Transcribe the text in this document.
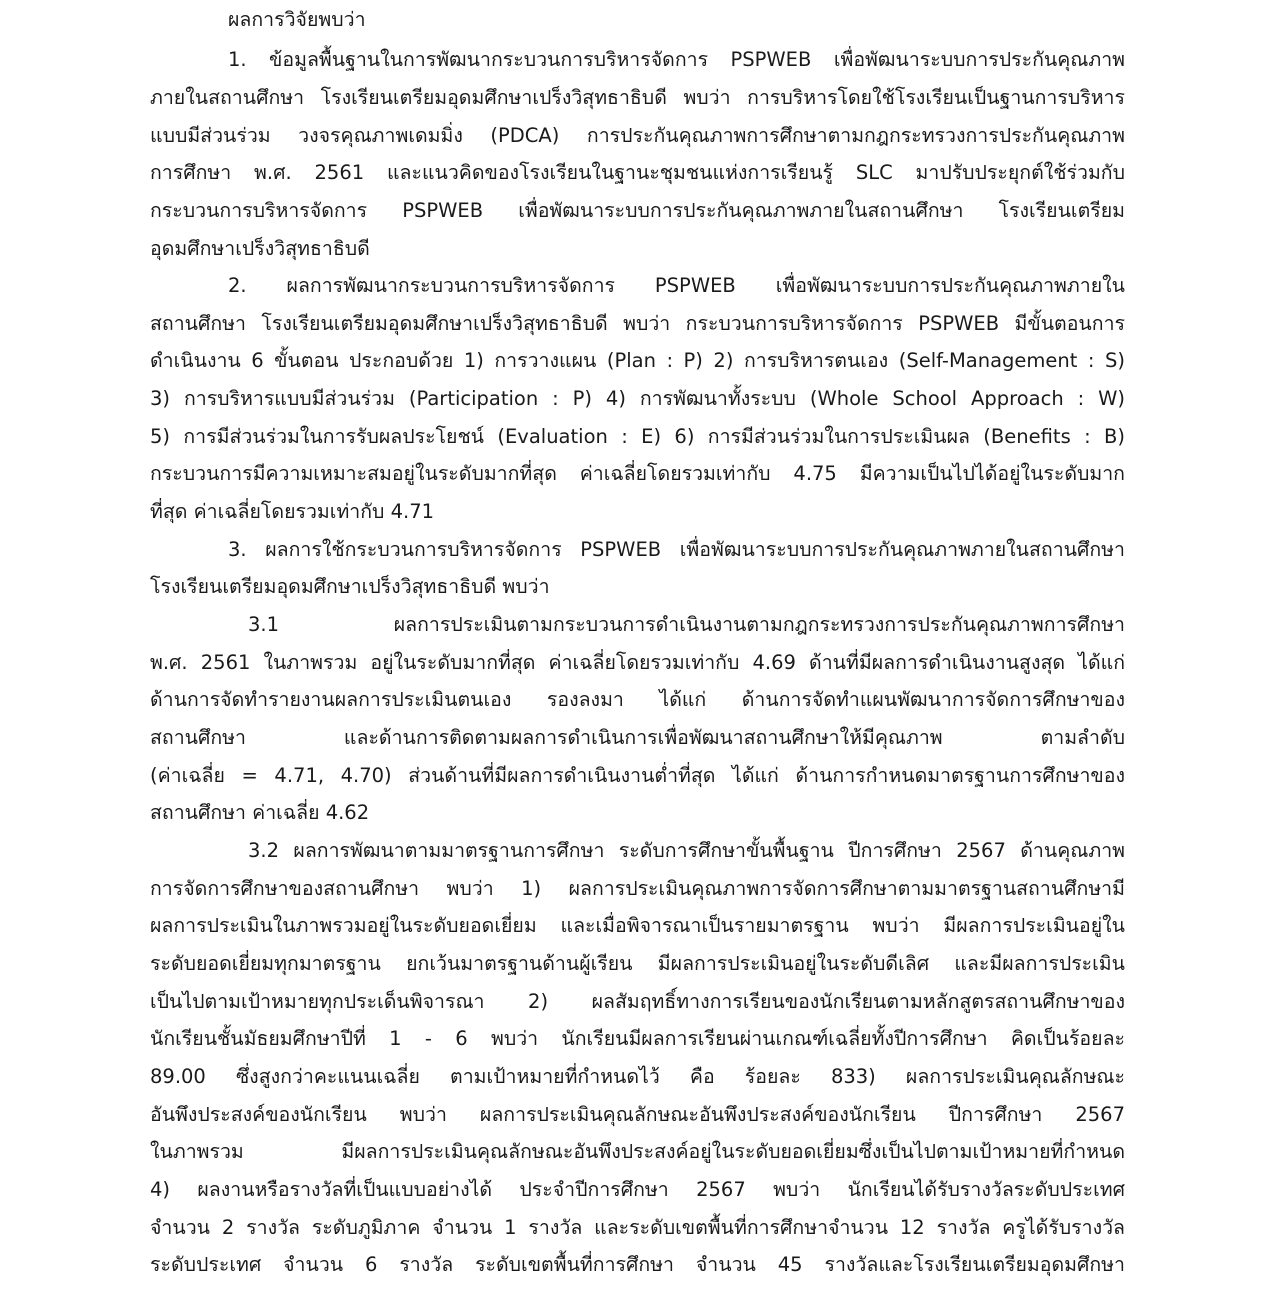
ผลการวิจัยพบว่า
1. ข้อมูลพื้นฐานในการพัฒนากระบวนการบริหารจัดการ PSPWEB เพื่อพัฒนาระบบการประกันคุณภาพ
ภายในสถานศึกษา โรงเรียนเตรียมอุดมศึกษาเปร็งวิสุทธาธิบดี พบว่า การบริหารโดยใช้โรงเรียนเป็นฐานการบริหาร
แบบมีส่วนร่วม วงจรคุณภาพเดมมิ่ง (PDCA) การประกันคุณภาพการศึกษาตามกฎกระทรวงการประกันคุณภาพ
การศึกษา พ.ศ. 2561 และแนวคิดของโรงเรียนในฐานะชุมชนแห่งการเรียนรู้ SLC มาปรับประยุกต์ใช้ร่วมกับ
กระบวนการบริหารจัดการ PSPWEB เพื่อพัฒนาระบบการประกันคุณภาพภายในสถานศึกษา โรงเรียนเตรียม
อุดมศึกษาเปร็งวิสุทธาธิบดี
2. ผลการพัฒนากระบวนการบริหารจัดการ PSPWEB เพื่อพัฒนาระบบการประกันคุณภาพภายใน
สถานศึกษา โรงเรียนเตรียมอุดมศึกษาเปร็งวิสุทธาธิบดี พบว่า กระบวนการบริหารจัดการ PSPWEB มีขั้นตอนการ
ดำเนินงาน 6 ขั้นตอน ประกอบด้วย 1) การวางแผน (Plan : P) 2) การบริหารตนเอง (Self-Management : S)
3) การบริหารแบบมีส่วนร่วม (Participation : P) 4) การพัฒนาทั้งระบบ (Whole School Approach : W)
5) การมีส่วนร่วมในการรับผลประโยชน์ (Evaluation : E) 6) การมีส่วนร่วมในการประเมินผล (Benefits : B)
กระบวนการมีความเหมาะสมอยู่ในระดับมากที่สุด ค่าเฉลี่ยโดยรวมเท่ากับ 4.75 มีความเป็นไปได้อยู่ในระดับมาก
ที่สุด ค่าเฉลี่ยโดยรวมเท่ากับ 4.71
3. ผลการใช้กระบวนการบริหารจัดการ PSPWEB เพื่อพัฒนาระบบการประกันคุณภาพภายในสถานศึกษา
โรงเรียนเตรียมอุดมศึกษาเปร็งวิสุทธาธิบดี พบว่า
3.1 ผลการประเมินตามกระบวนการดำเนินงานตามกฎกระทรวงการประกันคุณภาพการศึกษา
พ.ศ. 2561 ในภาพรวม อยู่ในระดับมากที่สุด ค่าเฉลี่ยโดยรวมเท่ากับ 4.69 ด้านที่มีผลการดำเนินงานสูงสุด ได้แก่
ด้านการจัดทำรายงานผลการประเมินตนเอง รองลงมา ได้แก่ ด้านการจัดทำแผนพัฒนาการจัดการศึกษาของ
สถานศึกษา และด้านการติดตามผลการดำเนินการเพื่อพัฒนาสถานศึกษาให้มีคุณภาพ ตามลำดับ
(ค่าเฉลี่ย = 4.71, 4.70) ส่วนด้านที่มีผลการดำเนินงานต่ำที่สุด ได้แก่ ด้านการกำหนดมาตรฐานการศึกษาของ
สถานศึกษา ค่าเฉลี่ย 4.62
3.2 ผลการพัฒนาตามมาตรฐานการศึกษา ระดับการศึกษาขั้นพื้นฐาน ปีการศึกษา 2567 ด้านคุณภาพ
การจัดการศึกษาของสถานศึกษา พบว่า 1) ผลการประเมินคุณภาพการจัดการศึกษาตามมาตรฐานสถานศึกษามี
ผลการประเมินในภาพรวมอยู่ในระดับยอดเยี่ยม และเมื่อพิจารณาเป็นรายมาตรฐาน พบว่า มีผลการประเมินอยู่ใน
ระดับยอดเยี่ยมทุกมาตรฐาน ยกเว้นมาตรฐานด้านผู้เรียน มีผลการประเมินอยู่ในระดับดีเลิศ และมีผลการประเมิน
เป็นไปตามเป้าหมายทุกประเด็นพิจารณา 2) ผลสัมฤทธิ์ทางการเรียนของนักเรียนตามหลักสูตรสถานศึกษาของ
นักเรียนชั้นมัธยมศึกษาปีที่ 1 - 6 พบว่า นักเรียนมีผลการเรียนผ่านเกณฑ์เฉลี่ยทั้งปีการศึกษา คิดเป็นร้อยละ
89.00 ซึ่งสูงกว่าคะแนนเฉลี่ย ตามเป้าหมายที่กำหนดไว้ คือ ร้อยละ 833) ผลการประเมินคุณลักษณะ
อันพึงประสงค์ของนักเรียน พบว่า ผลการประเมินคุณลักษณะอันพึงประสงค์ของนักเรียน ปีการศึกษา 2567
ในภาพรวม มีผลการประเมินคุณลักษณะอันพึงประสงค์อยู่ในระดับยอดเยี่ยมซึ่งเป็นไปตามเป้าหมายที่กำหนด
4) ผลงานหรือรางวัลที่เป็นแบบอย่างได้ ประจำปีการศึกษา 2567 พบว่า นักเรียนได้รับรางวัลระดับประเทศ
จำนวน 2 รางวัล ระดับภูมิภาค จำนวน 1 รางวัล และระดับเขตพื้นที่การศึกษาจำนวน 12 รางวัล ครูได้รับรางวัล
ระดับประเทศ จำนวน 6 รางวัล ระดับเขตพื้นที่การศึกษา จำนวน 45 รางวัลและโรงเรียนเตรียมอุดมศึกษา
